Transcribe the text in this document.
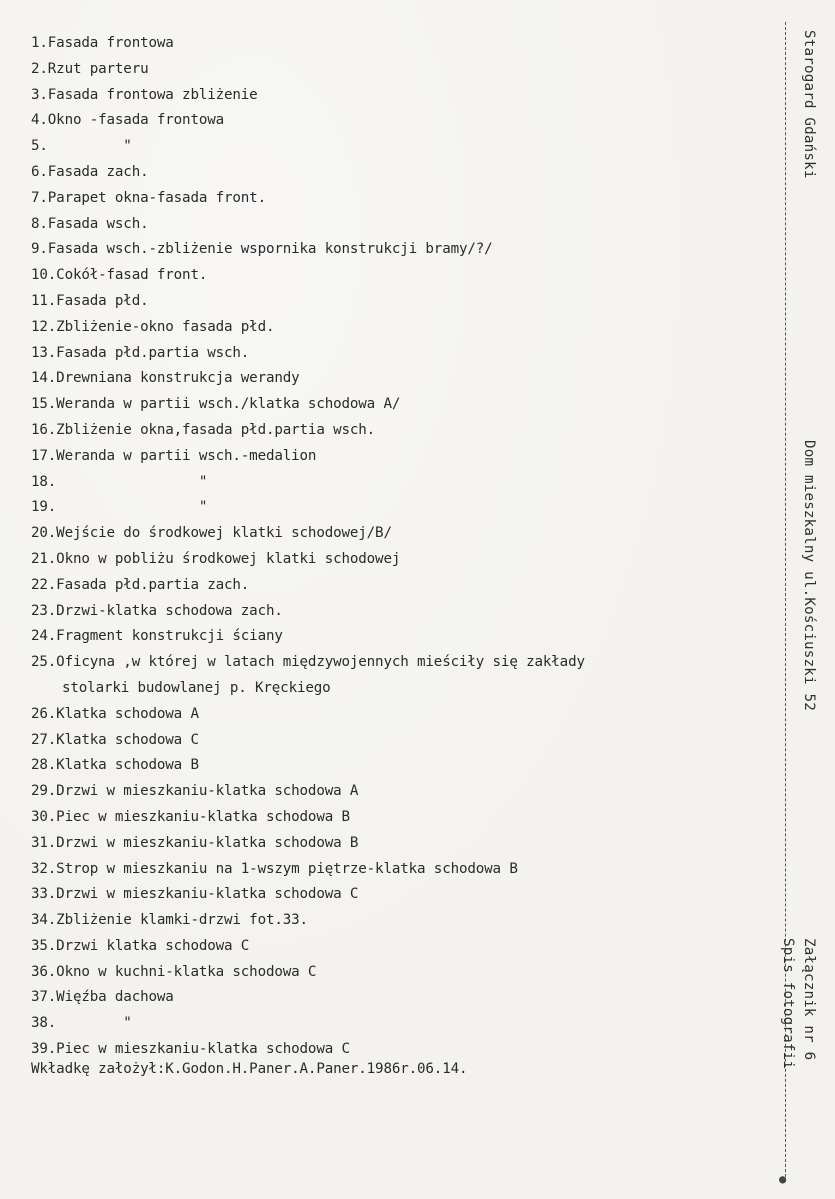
1.Fasada frontowa
2.Rzut parteru
3.Fasada frontowa zbliżenie
4.Okno -fasada frontowa
5.         "
6.Fasada zach.
7.Parapet okna-fasada front.
8.Fasada wsch.
9.Fasada wsch.-zbliżenie wspornika konstrukcji bramy/?/
10.Cokół-fasad front.
11.Fasada płd.
12.Zbliżenie-okno fasada płd.
13.Fasada płd.partia wsch.
14.Drewniana konstrukcja werandy
15.Weranda w partii wsch./klatka schodowa A/
16.Zbliżenie okna,fasada płd.partia wsch.
17.Weranda w partii wsch.-medalion
18.                 "
19.                 "
20.Wejście do środkowej klatki schodowej/B/
21.Okno w pobliżu środkowej klatki schodowej
22.Fasada płd.partia zach.
23.Drzwi-klatka schodowa zach.
24.Fragment konstrukcji ściany
25.Oficyna ,w której w latach międzywojennych mieściły się zakłady
stolarki budowlanej p. Kręckiego
26.Klatka schodowa A
27.Klatka schodowa C
28.Klatka schodowa B
29.Drzwi w mieszkaniu-klatka schodowa A
30.Piec w mieszkaniu-klatka schodowa B
31.Drzwi w mieszkaniu-klatka schodowa B
32.Strop w mieszkaniu na 1-wszym piętrze-klatka schodowa B
33.Drzwi w mieszkaniu-klatka schodowa C
34.Zbliżenie klamki-drzwi fot.33.
35.Drzwi klatka schodowa C
36.Okno w kuchni-klatka schodowa C
37.Więźba dachowa
38.        "
39.Piec w mieszkaniu-klatka schodowa C
Wkładkę założył:K.Godon.H.Paner.A.Paner.1986r.06.14.
Starogard Gdański
Dom mieszkalny ul.Kościuszki 52
Załącznik nr 6
Spis fotografii
●
